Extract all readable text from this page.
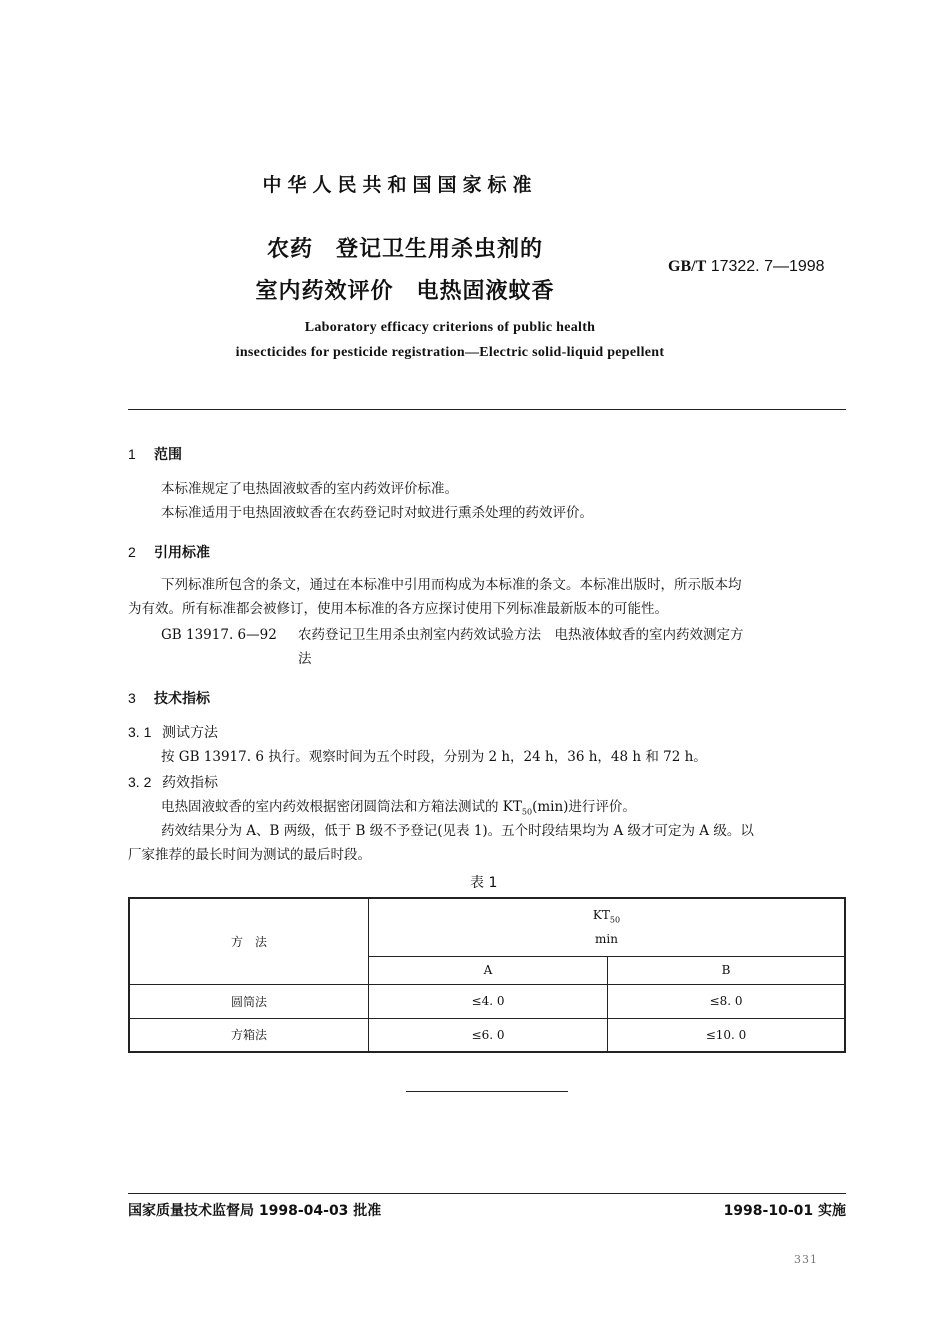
中华人民共和国国家标准
农药　登记卫生用杀虫剂的
室内药效评价　电热固液蚊香
GB/T 17322. 7—1998
Laboratory efficacy criterions of public health
insecticides for pesticide registration—Electric solid-liquid pepellent
1 范围
本标准规定了电热固液蚊香的室内药效评价标准。
本标准适用于电热固液蚊香在农药登记时对蚊进行熏杀处理的药效评价。
2 引用标准
下列标准所包含的条文，通过在本标准中引用而构成为本标准的条文。本标准出版时，所示版本均
为有效。所有标准都会被修订，使用本标准的各方应探讨使用下列标准最新版本的可能性。
GB 13917. 6—92 农药登记卫生用杀虫剂室内药效试验方法　电热液体蚊香的室内药效测定方
法
3 技术指标
3. 1 测试方法
按 GB 13917. 6 执行。观察时间为五个时段，分别为 2 h，24 h，36 h，48 h 和 72 h。
3. 2 药效指标
电热固液蚊香的室内药效根据密闭圆筒法和方箱法测试的 $KT_{50}(\min)$进行评价。
药效结果分为 A、B 两级，低于 B 级不予登记(见表 1)。五个时段结果均为 A 级才可定为 A 级。以
厂家推荐的最长时间为测试的最后时段。
表 1
方　法	$KT_{50}$
min	

	A	B
圆筒法	≤4. 0	≤8. 0
方箱法	≤6. 0	≤10. 0
国家质量技术监督局 1998-04-03 批准	1998-10-01 实施
331
